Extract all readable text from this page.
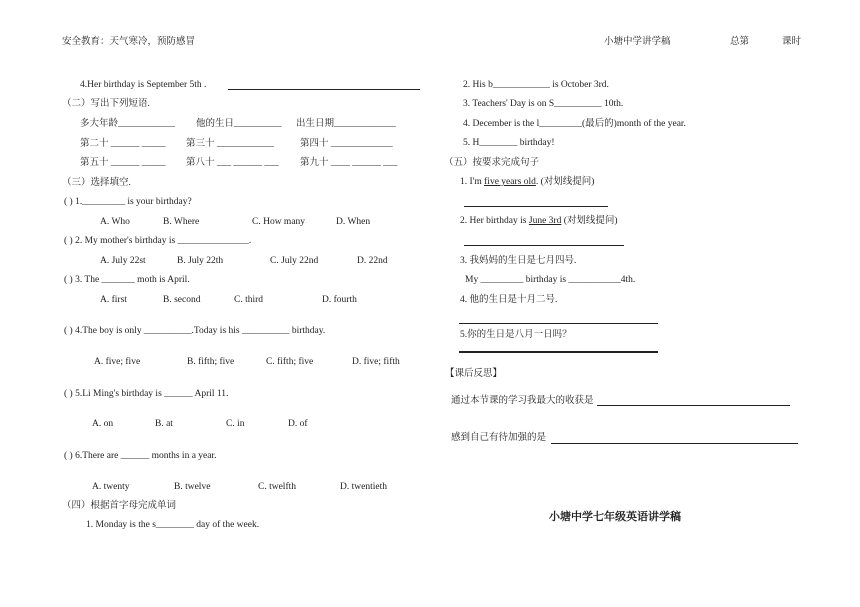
安全教育：天气寒冷，预防感冒	小塘中学讲学稿	总第	课时
4.Her birthday is September 5th .
（二）写出下列短语.
多大年龄____________ 他的生日__________ 出生日期_____________
第二十 ______ _____ 第三十 ____________	第四十 _____________
第五十 ______ _____ 第八十 ___ ______ ___ 第九十 ____ ______ ___
（三）选择填空.
( ) 1._________ is your birthday?
A. Who	B. Where	C. How many	D. When
( ) 2. My mother's birthday is _______________.
A. July 22st	B. July 22th	C. July 22nd	D. 22nd
( ) 3. The _______ moth is April.
A. first	B. second	C. third	D. fourth
( ) 4.The boy is only __________.Today is his __________ birthday.
A. five; five	B. fifth; five	C. fifth; five	D. five; fifth
( ) 5.Li Ming's birthday is ______ April 11.
A. on	B. at	C. in	D. of
( ) 6.There are ______ months in a year.
A. twenty	B. twelve	C. twelfth	D. twentieth
（四）根据首字母完成单词
1. Monday is the s________ day of the week.
2. His b____________ is October 3rd.
3. Teachers' Day is on S__________ 10th.
4. December is the l_________(最后的)month of the year.
5. H________ birthday!
（五）按要求完成句子
1. I'm five years old. (对划线提问)
2. Her birthday is June 3rd (对划线提问)
3. 我妈妈的生日是七月四号.
My _________ birthday is ___________4th.
4. 他的生日是十月二号.
5.你的生日是八月一日吗？
【课后反思】
通过本节课的学习我最大的收获是
感到自己有待加强的是
小塘中学七年级英语讲学稿
